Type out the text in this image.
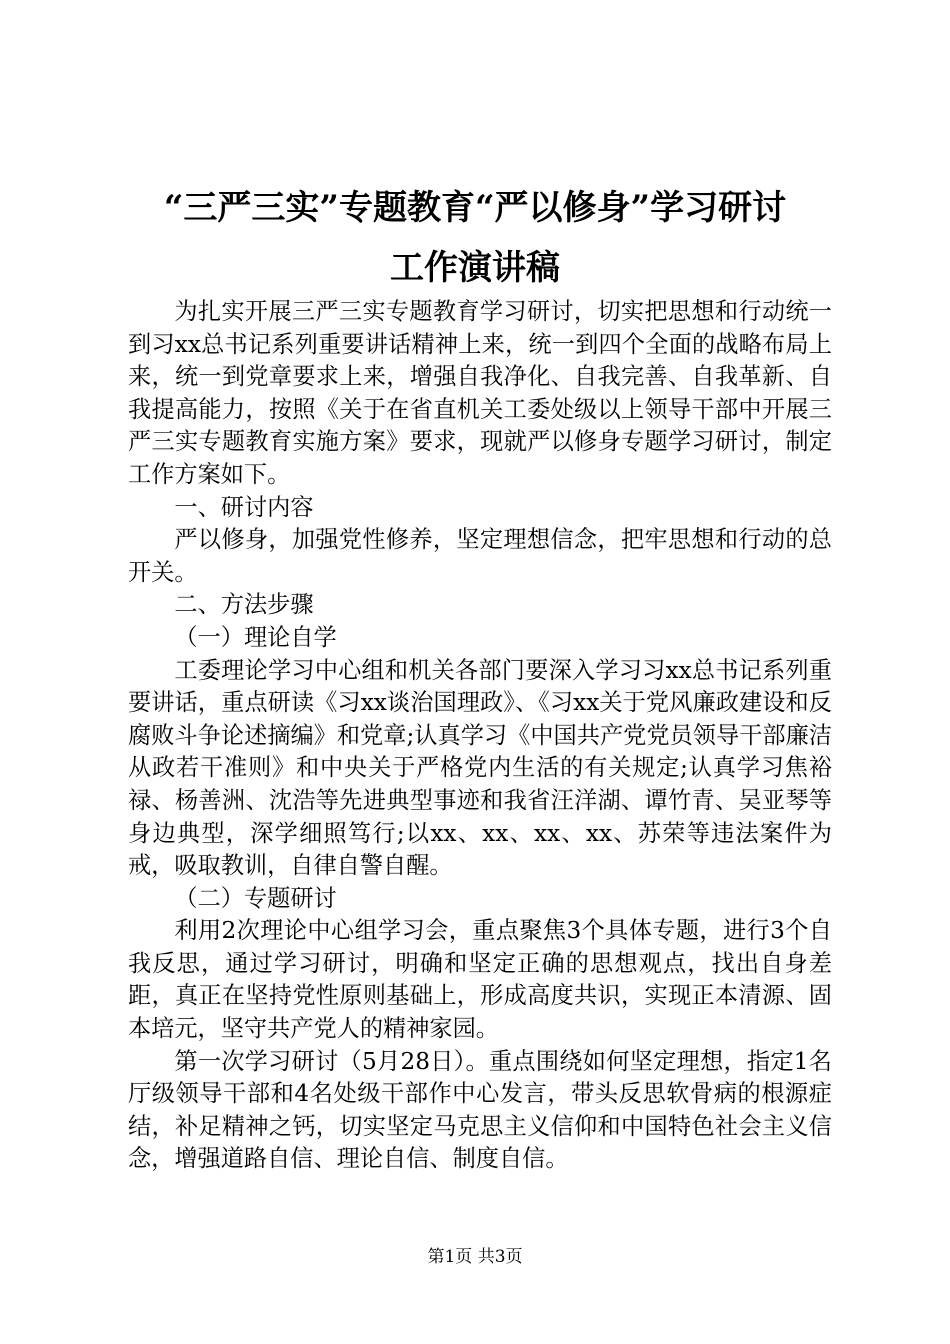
“三严三实”专题教育“严以修身”学习研讨
工作演讲稿

为扎实开展三严三实专题教育学习研讨，切实把思想和行动统一到习xx总书记系列重要讲话精神上来，统一到四个全面的战略布局上来，统一到党章要求上来，增强自我净化、自我完善、自我革新、自我提高能力，按照《关于在省直机关工委处级以上领导干部中开展三严三实专题教育实施方案》要求，现就严以修身专题学习研讨，制定工作方案如下。

一、研讨内容

严以修身，加强党性修养，坚定理想信念，把牢思想和行动的总开关。

二、方法步骤

（一）理论自学

工委理论学习中心组和机关各部门要深入学习习xx总书记系列重要讲话，重点研读《习xx谈治国理政》、《习xx关于党风廉政建设和反腐败斗争论述摘编》和党章;认真学习《中国共产党党员领导干部廉洁从政若干准则》和中央关于严格党内生活的有关规定;认真学习焦裕禄、杨善洲、沈浩等先进典型事迹和我省汪洋湖、谭竹青、吴亚琴等身边典型，深学细照笃行;以xx、xx、xx、xx、苏荣等违法案件为戒，吸取教训，自律自警自醒。

（二）专题研讨

利用2次理论中心组学习会，重点聚焦3个具体专题，进行3个自我反思，通过学习研讨，明确和坚定正确的思想观点，找出自身差距，真正在坚持党性原则基础上，形成高度共识，实现正本清源、固本培元，坚守共产党人的精神家园。

第一次学习研讨（5月28日）。重点围绕如何坚定理想，指定1名厅级领导干部和4名处级干部作中心发言，带头反思软骨病的根源症结，补足精神之钙，切实坚定马克思主义信仰和中国特色社会主义信念，增强道路自信、理论自信、制度自信。

第1页 共3页
